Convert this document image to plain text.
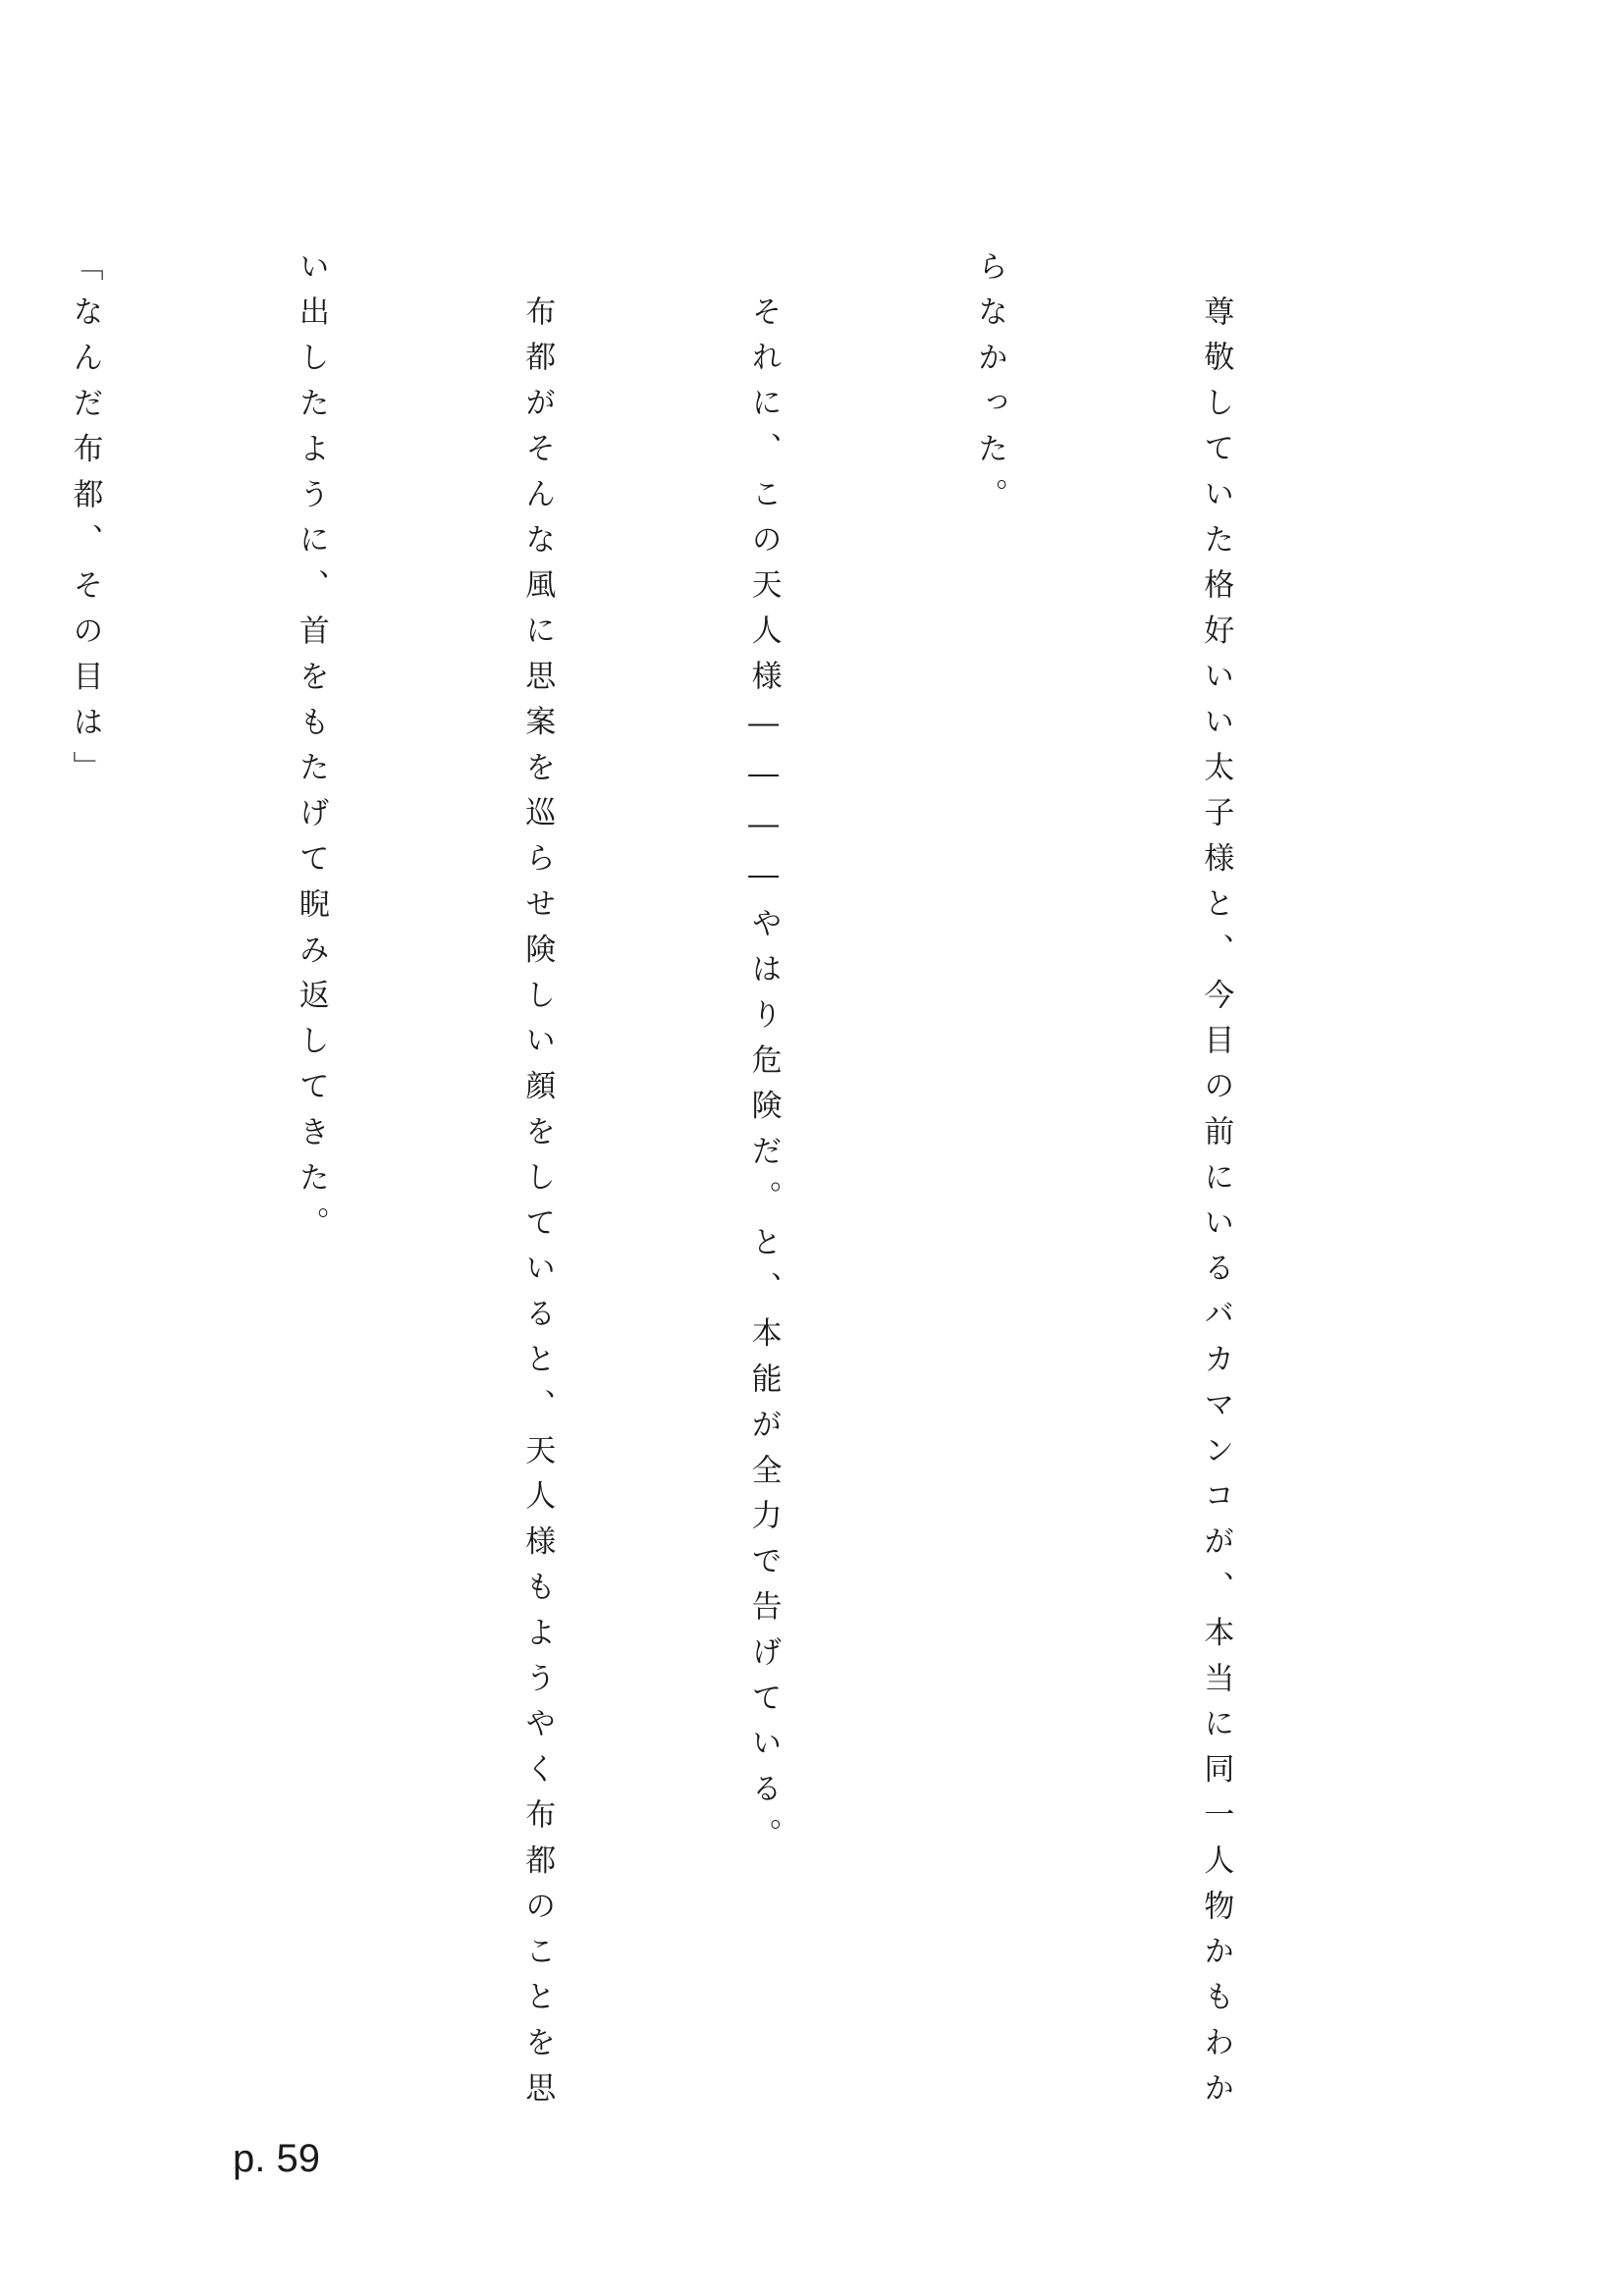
尊敬していた格好いい太子様と、今目の前にいるバカマンコが、本当に同一人物かもわか

らなかった。

それに、この天人様――――やはり危険だ。と、本能が全力で告げている。

布都がそんな風に思案を巡らせ険しい顔をしていると、天人様もようやく布都のことを思

い出したように、首をもたげて睨み返してきた。

「なんだ布都、その目は」

p. 59
